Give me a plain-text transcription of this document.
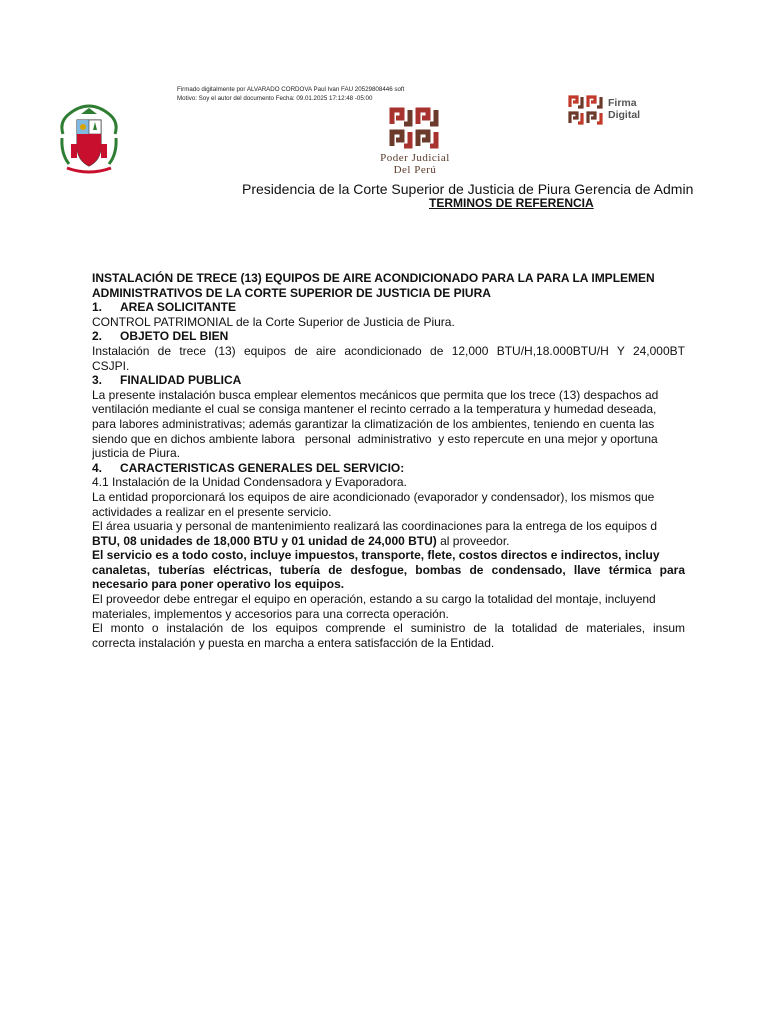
Firmado digitalmente por ALVARADO CORDOVA Paul Ivan FAU 20529808446 soft
Motivo: Soy el autor del documento Fecha: 09.01.2025 17:12:48 -05:00
Poder Judicial
Del Perú
Firma
Digital
Presidencia de la Corte Superior de Justicia de Piura Gerencia de Admin
TERMINOS DE REFERENCIA
INSTALACIÓN DE TRECE (13) EQUIPOS DE AIRE ACONDICIONADO PARA LA PARA LA IMPLEMEN
ADMINISTRATIVOS DE LA CORTE SUPERIOR DE JUSTICIA DE PIURA
1. AREA SOLICITANTE
CONTROL PATRIMONIAL de la Corte Superior de Justicia de Piura.
2. OBJETO DEL BIEN
Instalación de trece (13) equipos de aire acondicionado de 12,000 BTU/H,18.000BTU/H Y 24,000BT
CSJPI.
3. FINALIDAD PUBLICA
La presente instalación busca emplear elementos mecánicos que permita que los trece (13) despachos ad
ventilación mediante el cual se consiga mantener el recinto cerrado a la temperatura y humedad deseada,
para labores administrativas; además garantizar la climatización de los ambientes, teniendo en cuenta las
siendo que en dichos ambiente labora   personal  administrativo  y esto repercute en una mejor y oportuna
justicia de Piura.
4. CARACTERISTICAS GENERALES DEL SERVICIO:
4.1 Instalación de la Unidad Condensadora y Evaporadora.
La entidad proporcionará los equipos de aire acondicionado (evaporador y condensador), los mismos que
actividades a realizar en el presente servicio.
El área usuaria y personal de mantenimiento realizará las coordinaciones para la entrega de los equipos d
BTU, 08 unidades de 18,000 BTU y 01 unidad de 24,000 BTU) al proveedor.
El servicio es a todo costo, incluye impuestos, transporte, flete, costos directos e indirectos, incluy
canaletas, tuberías eléctricas, tubería de desfogue, bombas de condensado, llave térmica para
necesario para poner operativo los equipos.
El proveedor debe entregar el equipo en operación, estando a su cargo la totalidad del montaje, incluyend
materiales, implementos y accesorios para una correcta operación.
El monto o instalación de los equipos comprende el suministro de la totalidad de materiales, insum
correcta instalación y puesta en marcha a entera satisfacción de la Entidad.
